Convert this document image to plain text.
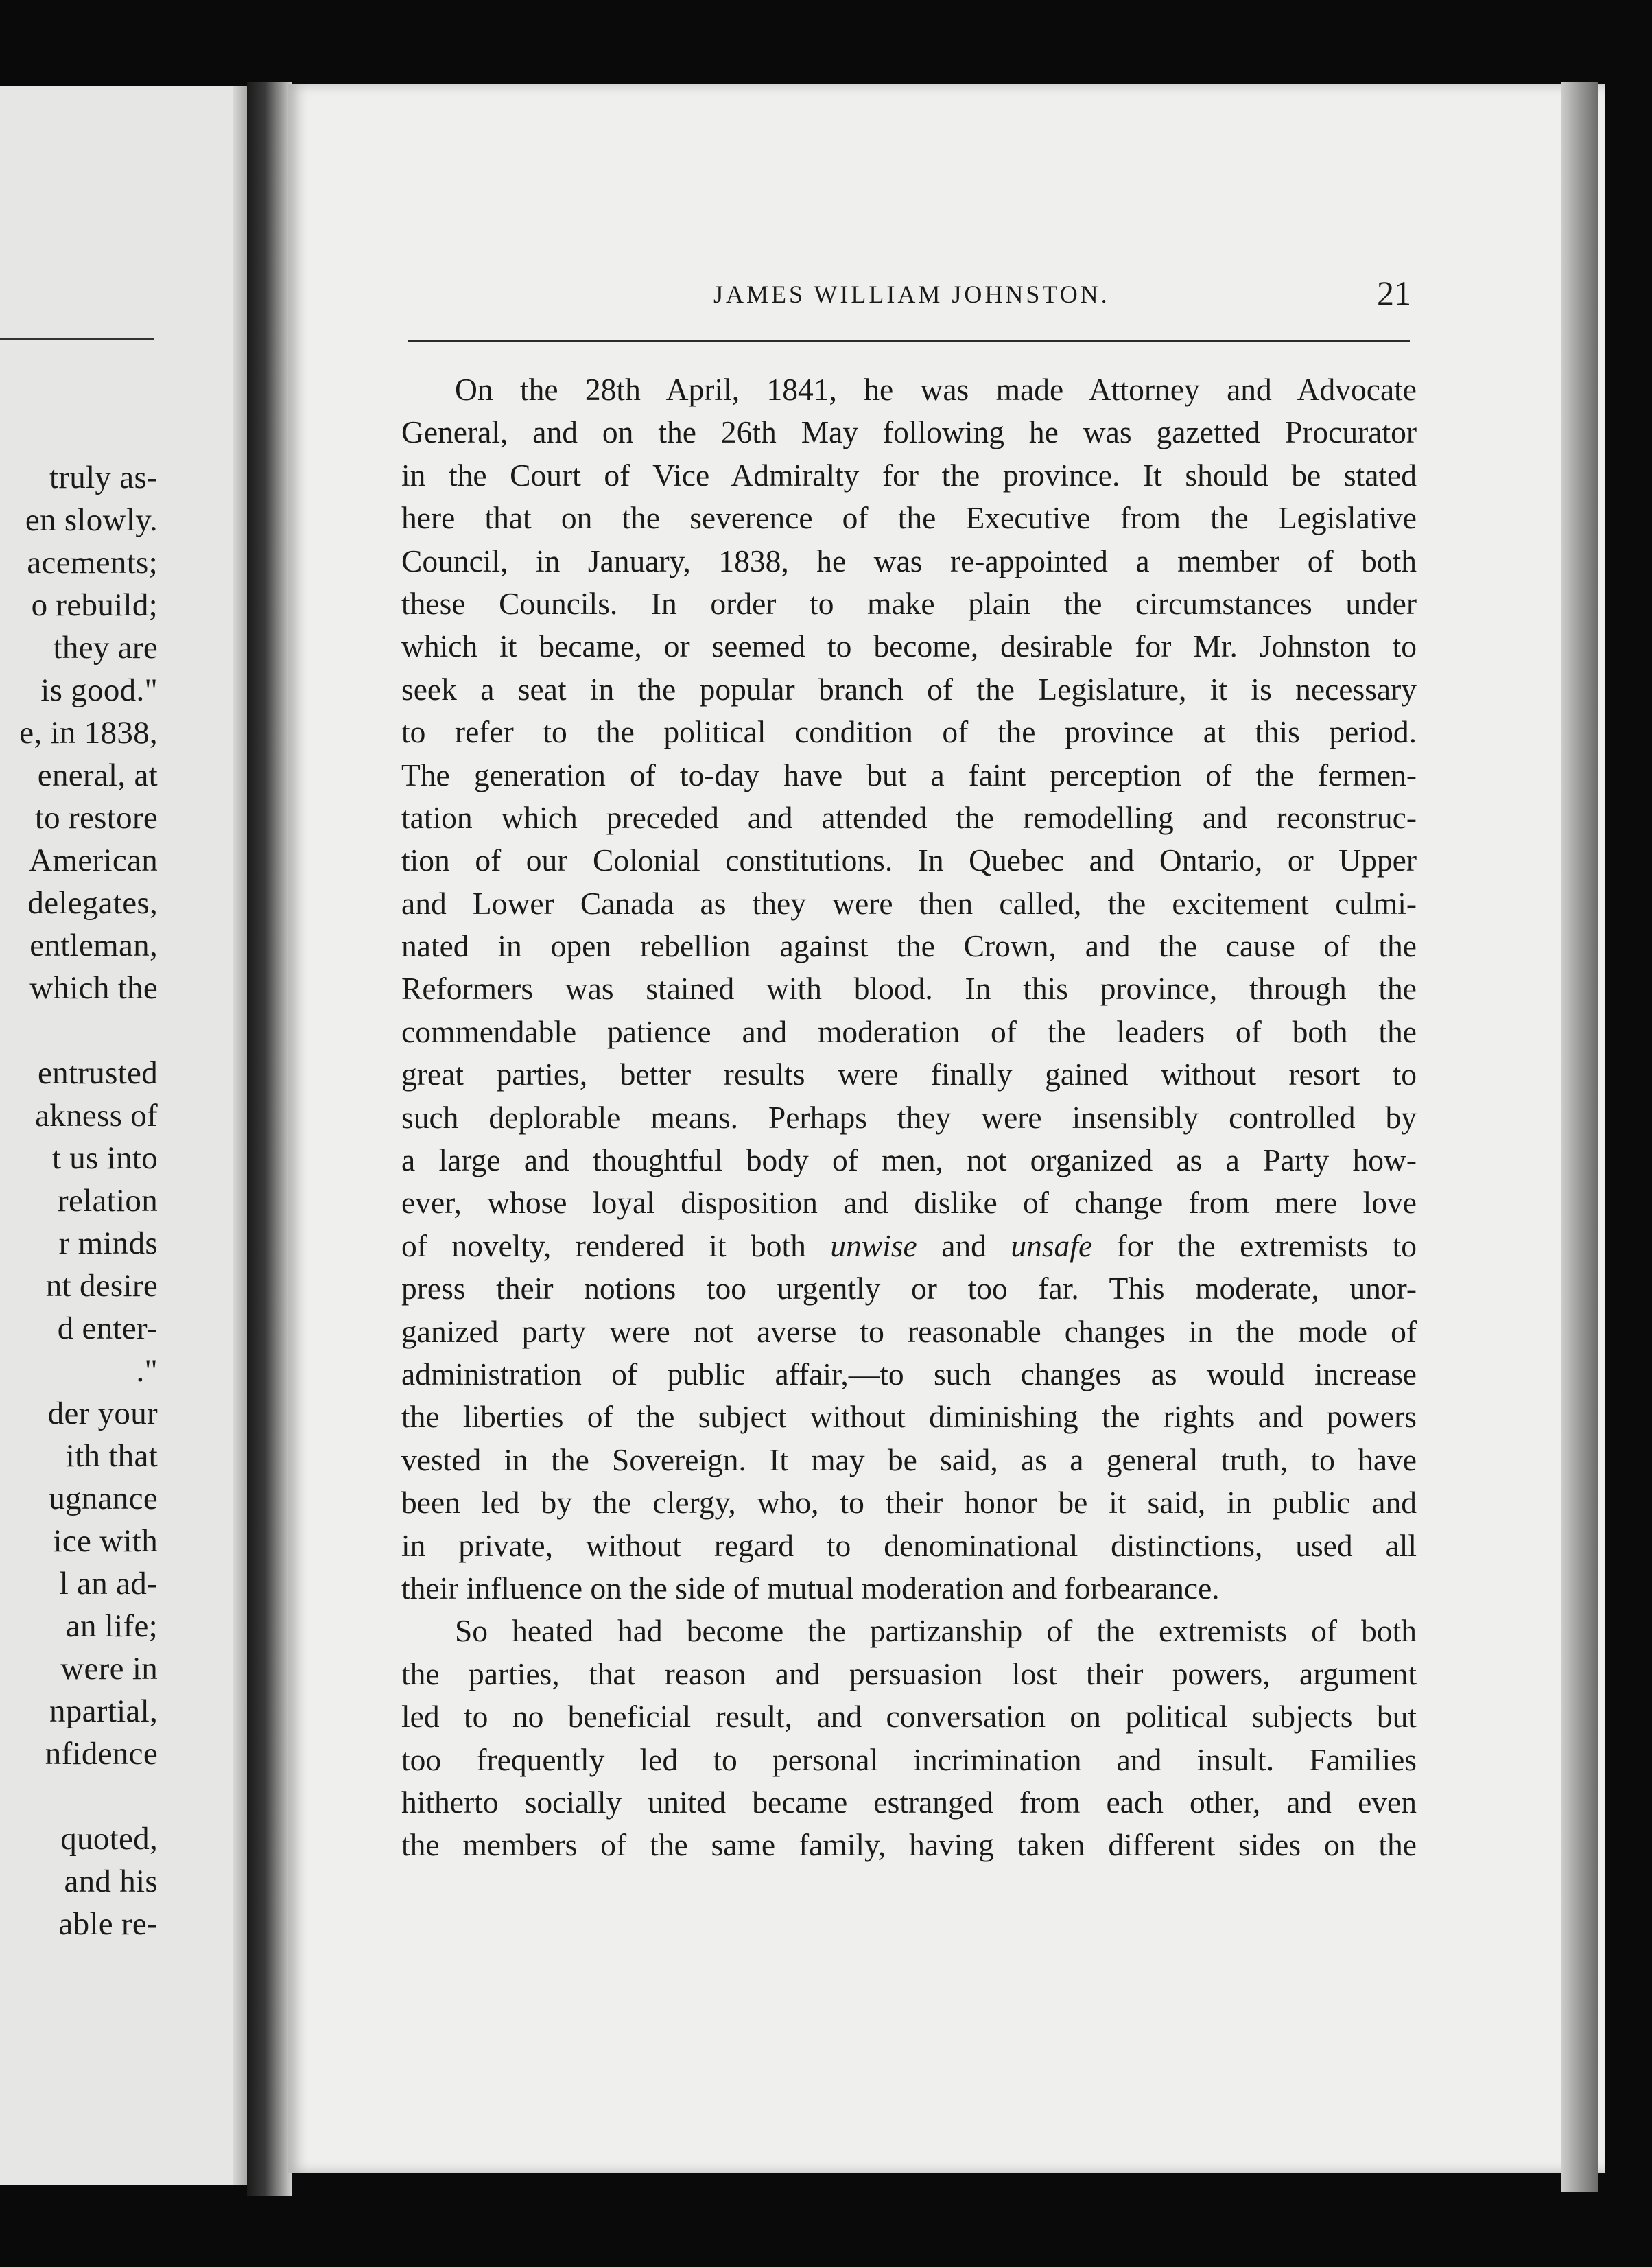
truly as-
en slowly.
acements;
o rebuild;
they are
is good."
e, in 1838,
eneral, at
to restore
American
delegates,
entleman,
which the

entrusted
akness of
t us into
relation
r minds
nt desire
d enter-
."
der your
ith that
ugnance
ice with
l an ad-
an life;
were in
npartial,
nfidence

quoted,
and his
able re-
JAMES WILLIAM JOHNSTON.	21
On the 28th April, 1841, he was made Attorney and Advocate
General, and on the 26th May following he was gazetted Procurator
in the Court of Vice Admiralty for the province. It should be stated
here that on the severence of the Executive from the Legislative
Council, in January, 1838, he was re-appointed a member of both
these Councils. In order to make plain the circumstances under
which it became, or seemed to become, desirable for Mr. Johnston to
seek a seat in the popular branch of the Legislature, it is necessary
to refer to the political condition of the province at this period.
The generation of to-day have but a faint perception of the fermen-
tation which preceded and attended the remodelling and reconstruc-
tion of our Colonial constitutions. In Quebec and Ontario, or Upper
and Lower Canada as they were then called, the excitement culmi-
nated in open rebellion against the Crown, and the cause of the
Reformers was stained with blood. In this province, through the
commendable patience and moderation of the leaders of both the
great parties, better results were finally gained without resort to
such deplorable means. Perhaps they were insensibly controlled by
a large and thoughtful body of men, not organized as a Party how-
ever, whose loyal disposition and dislike of change from mere love
of novelty, rendered it both unwise and unsafe for the extremists to
press their notions too urgently or too far. This moderate, unor-
ganized party were not averse to reasonable changes in the mode of
administration of public affair,—to such changes as would increase
the liberties of the subject without diminishing the rights and powers
vested in the Sovereign. It may be said, as a general truth, to have
been led by the clergy, who, to their honor be it said, in public and
in private, without regard to denominational distinctions, used all
their influence on the side of mutual moderation and forbearance.
So heated had become the partizanship of the extremists of both
the parties, that reason and persuasion lost their powers, argument
led to no beneficial result, and conversation on political subjects but
too frequently led to personal incrimination and insult. Families
hitherto socially united became estranged from each other, and even
the members of the same family, having taken different sides on the
